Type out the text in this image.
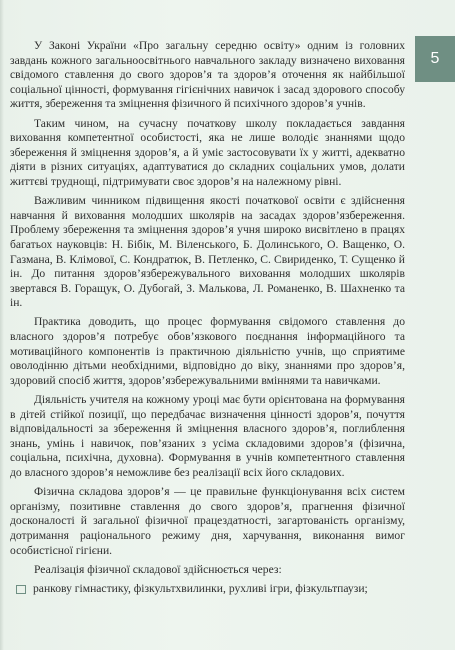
5

У Законі України «Про загальну середню освіту» одним із головних завдань кожного загальноосвітнього навчального закладу визначено виховання свідомого ставлення до свого здоров’я та здоров’я оточення як найбільшої соціальної цінності, формування гігієнічних навичок і засад здорового способу життя, збереження та зміцнення фізичного й психічного здоров’я учнів.

Таким чином, на сучасну початкову школу покладається завдання виховання компетентної особистості, яка не лише володіє знаннями щодо збереження й зміцнення здоров’я, а й уміє застосовувати їх у житті, адекватно діяти в різних ситуаціях, адаптуватися до складних соціальних умов, долати життєві труднощі, підтримувати своє здоров’я на належному рівні.

Важливим чинником підвищення якості початкової освіти є здійснення навчання й виховання молодших школярів на засадах здоров’язбереження. Проблему збереження та зміцнення здоров’я учня широко висвітлено в працях багатьох науковців: Н. Бібік, М. Віленського, Б. Долинського, О. Ващенко, О. Газмана, В. Клімової, С. Кондратюк, В. Петленко, С. Свириденко, Т. Сущенко й ін. До питання здоров’язбережувального виховання молодших школярів звертався В. Горащук, О. Дубогай, З. Малькова, Л. Романенко, В. Шахненко та ін.

Практика доводить, що процес формування свідомого ставлення до власного здоров’я потребує обов’язкового поєднання інформаційного та мотиваційного компонентів із практичною діяльністю учнів, що сприятиме оволодінню дітьми необхідними, відповідно до віку, знаннями про здоров’я, здоровий спосіб життя, здоров’язбережувальними вміннями та навичками.

Діяльність учителя на кожному уроці має бути орієнтована на формування в дітей стійкої позиції, що передбачає визначення цінності здоров’я, почуття відповідальності за збереження й зміцнення власного здоров’я, поглиблення знань, умінь і навичок, пов’язаних з усіма складовими здоров’я (фізична, соціальна, психічна, духовна). Формування в учнів компетентного ставлення до власного здоров’я неможливе без реалізації всіх його складових.

Фізична складова здоров’я — це правильне функціонування всіх систем організму, позитивне ставлення до свого здоров’я, прагнення фізичної досконалості й загальної фізичної працездатності, загартованість організму, дотримання раціонального режиму дня, харчування, виконання вимог особистісної гігієни.

Реалізація фізичної складової здійснюється через:

ранкову гімнастику, фізкультхвилинки, рухливі ігри, фізкультпаузи;
